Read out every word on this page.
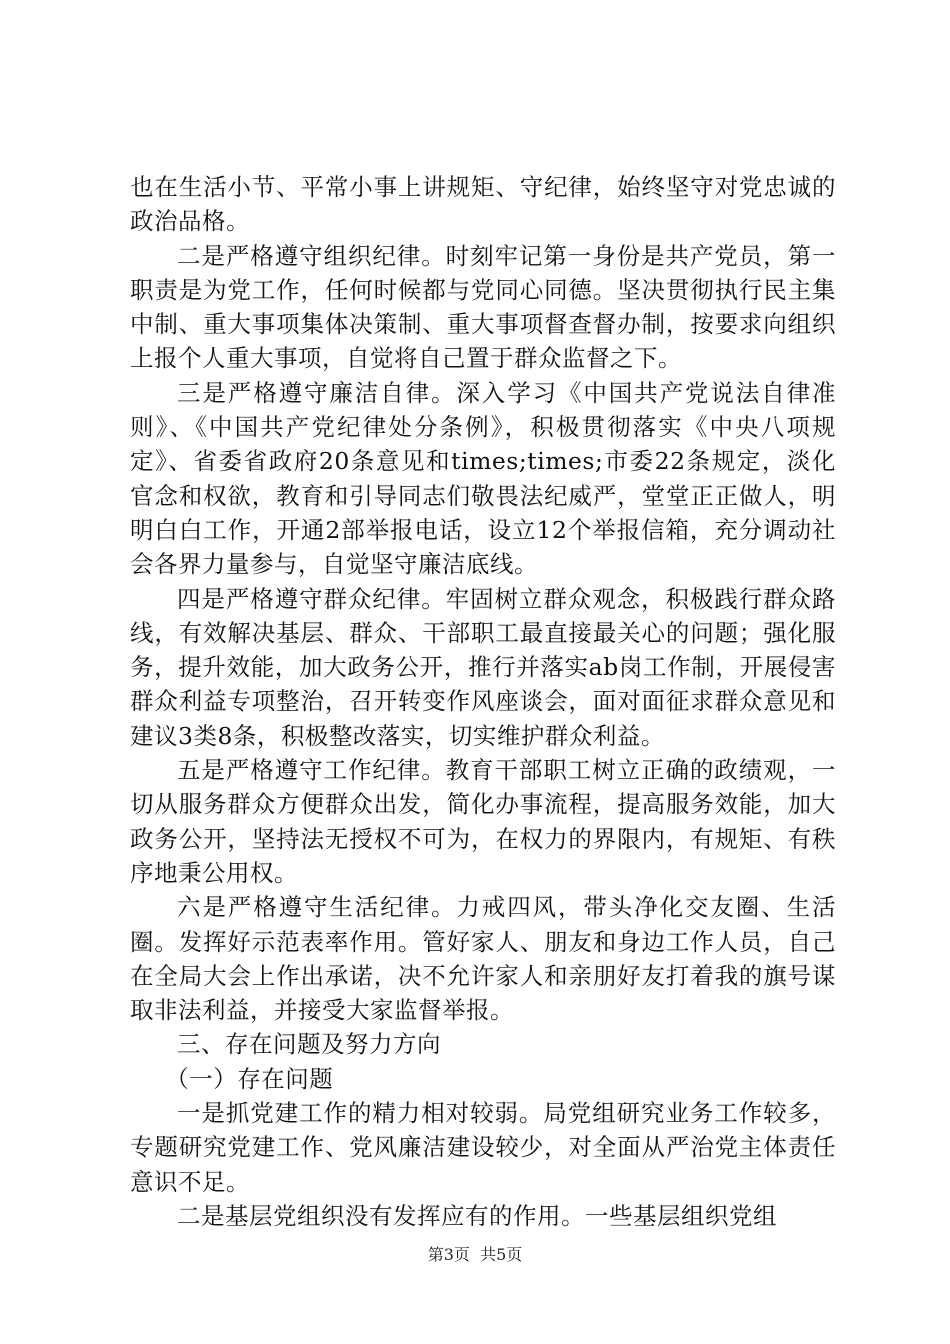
也在生活小节、平常小事上讲规矩、守纪律，始终坚守对党忠诚的政治品格。

二是严格遵守组织纪律。时刻牢记第一身份是共产党员，第一职责是为党工作，任何时候都与党同心同德。坚决贯彻执行民主集中制、重大事项集体决策制、重大事项督查督办制，按要求向组织上报个人重大事项，自觉将自己置于群众监督之下。

三是严格遵守廉洁自律。深入学习《中国共产党说法自律准则》、《中国共产党纪律处分条例》，积极贯彻落实《中央八项规定》、省委省政府20条意见和times;times;市委22条规定，淡化官念和权欲，教育和引导同志们敬畏法纪威严，堂堂正正做人，明明白白工作，开通2部举报电话，设立12个举报信箱，充分调动社会各界力量参与，自觉坚守廉洁底线。

四是严格遵守群众纪律。牢固树立群众观念，积极践行群众路线，有效解决基层、群众、干部职工最直接最关心的问题；强化服务，提升效能，加大政务公开，推行并落实ab岗工作制，开展侵害群众利益专项整治，召开转变作风座谈会，面对面征求群众意见和建议3类8条，积极整改落实，切实维护群众利益。

五是严格遵守工作纪律。教育干部职工树立正确的政绩观，一切从服务群众方便群众出发，简化办事流程，提高服务效能，加大政务公开，坚持法无授权不可为，在权力的界限内，有规矩、有秩序地秉公用权。

六是严格遵守生活纪律。力戒四风，带头净化交友圈、生活圈。发挥好示范表率作用。管好家人、朋友和身边工作人员，自己在全局大会上作出承诺，决不允许家人和亲朋好友打着我的旗号谋取非法利益，并接受大家监督举报。

三、存在问题及努力方向

（一）存在问题

一是抓党建工作的精力相对较弱。局党组研究业务工作较多，专题研究党建工作、党风廉洁建设较少，对全面从严治党主体责任意识不足。

二是基层党组织没有发挥应有的作用。一些基层组织党组

第3页  共5页
